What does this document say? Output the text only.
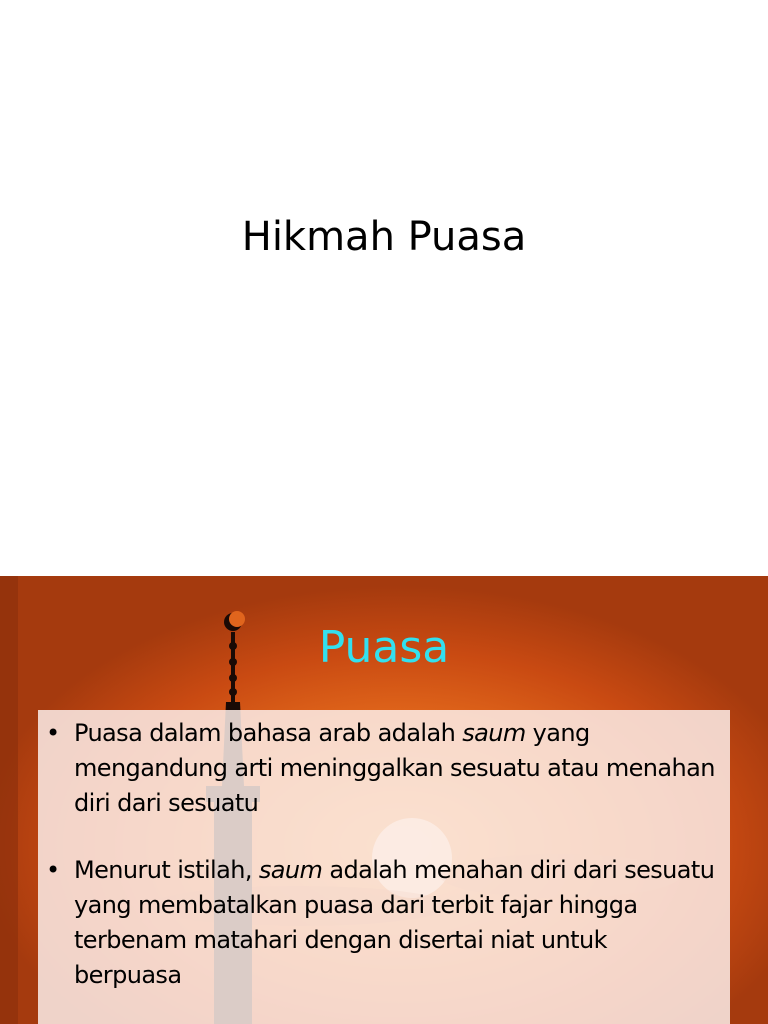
Hikmah Puasa
Puasa
• Puasa dalam bahasa arab adalah saum yang mengandung arti meninggalkan sesuatu atau menahan diri dari sesuatu
• Menurut istilah, saum adalah menahan diri dari sesuatu yang membatalkan puasa dari terbit fajar hingga terbenam matahari dengan disertai niat untuk berpuasa
